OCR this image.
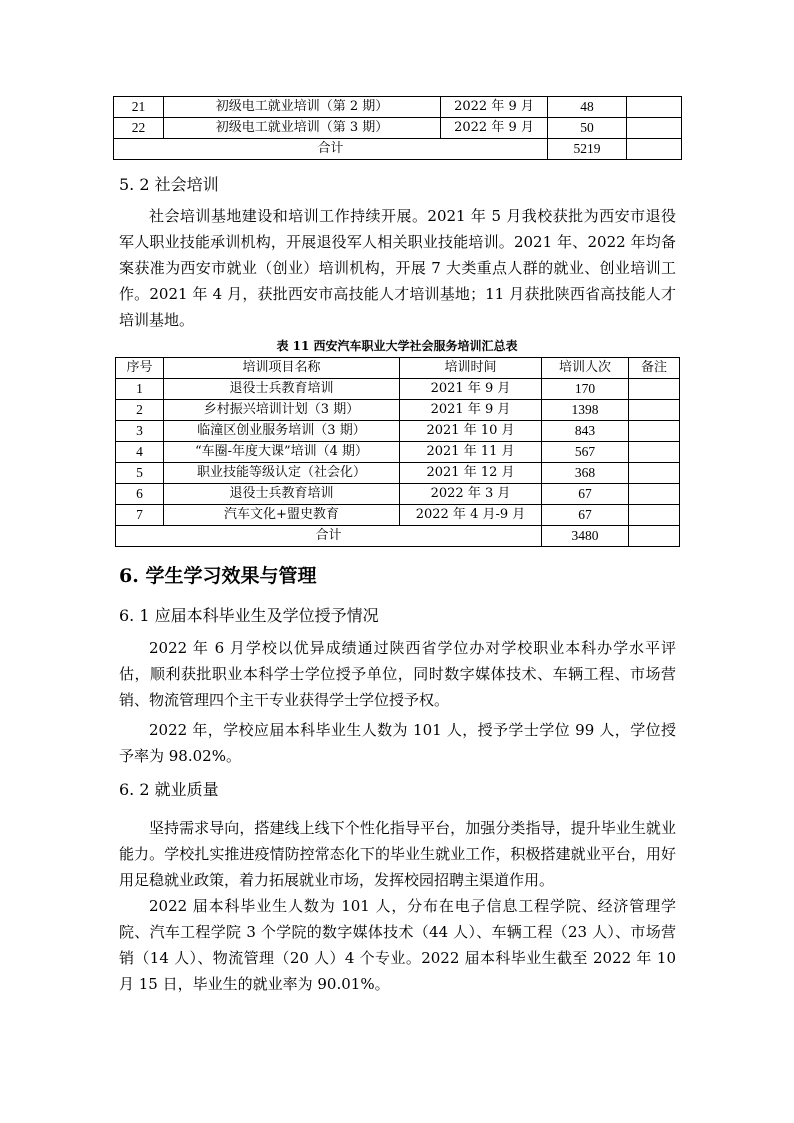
21	初级电工就业培训（第 2 期）	2022 年 9 月	48	
22	初级电工就业培训（第 3 期）	2022 年 9 月	50	
合计			5219	
5. 2 社会培训
社会培训基地建设和培训工作持续开展。2021 年 5 月我校获批为西安市退役军人职业技能承训机构，开展退役军人相关职业技能培训。2021 年、2022 年均备案获准为西安市就业（创业）培训机构，开展 7 大类重点人群的就业、创业培训工作。2021 年 4 月，获批西安市高技能人才培训基地；11 月获批陕西省高技能人才培训基地。
表 11 西安汽车职业大学社会服务培训汇总表
序号	培训项目名称	培训时间	培训人次	备注
1	退役士兵教育培训	2021 年 9 月	170	
2	乡村振兴培训计划（3 期）	2021 年 9 月	1398	
3	临潼区创业服务培训（3 期）	2021 年 10 月	843	
4	“车圈-年度大课”培训（4 期）	2021 年 11 月	567	
5	职业技能等级认定（社会化）	2021 年 12 月	368	
6	退役士兵教育培训	2022 年 3 月	67	
7	汽车文化+盟史教育	2022 年 4 月-9 月	67	
合计			3480	
6. 学生学习效果与管理
6. 1 应届本科毕业生及学位授予情况
2022 年 6 月学校以优异成绩通过陕西省学位办对学校职业本科办学水平评估，顺利获批职业本科学士学位授予单位，同时数字媒体技术、车辆工程、市场营销、物流管理四个主干专业获得学士学位授予权。
2022 年，学校应届本科毕业生人数为 101 人，授予学士学位 99 人，学位授予率为 98.02%。
6. 2 就业质量
坚持需求导向，搭建线上线下个性化指导平台，加强分类指导，提升毕业生就业能力。学校扎实推进疫情防控常态化下的毕业生就业工作，积极搭建就业平台，用好用足稳就业政策，着力拓展就业市场，发挥校园招聘主渠道作用。
2022 届本科毕业生人数为 101 人，分布在电子信息工程学院、经济管理学院、汽车工程学院 3 个学院的数字媒体技术（44 人）、车辆工程（23 人）、市场营销（14 人）、物流管理（20 人）4 个专业。2022 届本科毕业生截至 2022 年 10 月 15 日，毕业生的就业率为 90.01%。
